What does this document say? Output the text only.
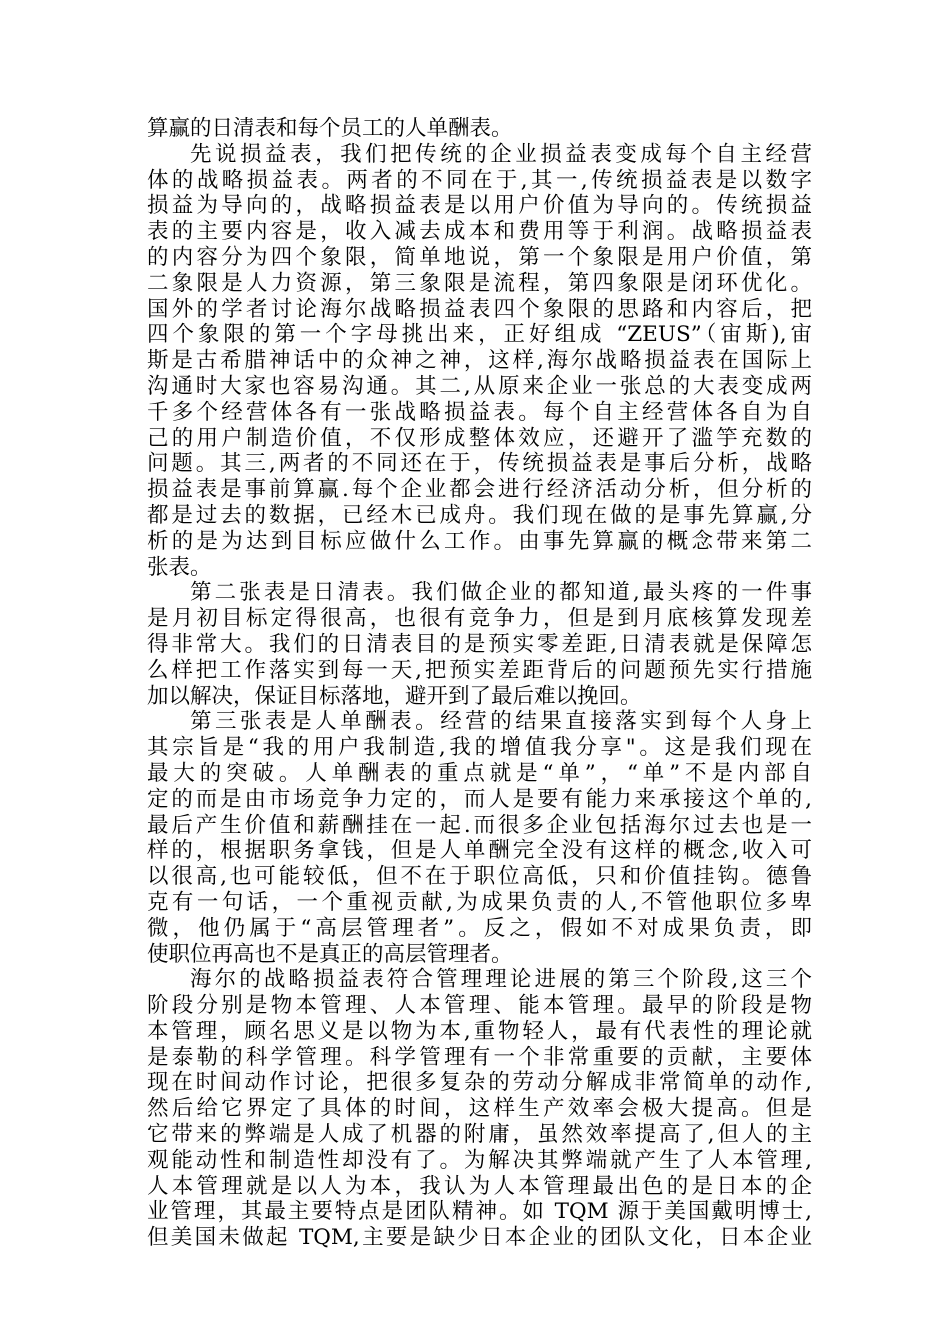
算赢的日清表和每个员工的人单酬表。
先说损益表，我们把传统的企业损益表变成每个自主经营
体的战略损益表。两者的不同在于,其一,传统损益表是以数字
损益为导向的，战略损益表是以用户价值为导向的。传统损益
表的主要内容是，收入减去成本和费用等于利润。战略损益表
的内容分为四个象限，简单地说，第一个象限是用户价值，第
二象限是人力资源，第三象限是流程，第四象限是闭环优化。
国外的学者讨论海尔战略损益表四个象限的思路和内容后，把
四个象限的第一个字母挑出来，正好组成 “ZEUS”（宙斯),宙
斯是古希腊神话中的众神之神，这样,海尔战略损益表在国际上
沟通时大家也容易沟通。其二,从原来企业一张总的大表变成两
千多个经营体各有一张战略损益表。每个自主经营体各自为自
己的用户制造价值，不仅形成整体效应，还避开了滥竽充数的
问题。其三,两者的不同还在于，传统损益表是事后分析，战略
损益表是事前算赢.每个企业都会进行经济活动分析，但分析的
都是过去的数据，已经木已成舟。我们现在做的是事先算赢,分
析的是为达到目标应做什么工作。由事先算赢的概念带来第二
张表。
第二张表是日清表。我们做企业的都知道,最头疼的一件事
是月初目标定得很高，也很有竞争力，但是到月底核算发现差
得非常大。我们的日清表目的是预实零差距,日清表就是保障怎
么样把工作落实到每一天,把预实差距背后的问题预先实行措施
加以解决，保证目标落地，避开到了最后难以挽回。
第三张表是人单酬表。经营的结果直接落实到每个人身上
其宗旨是“我的用户我制造,我的增值我分享"。这是我们现在
最大的突破。人单酬表的重点就是“单”，“单”不是内部自
定的而是由市场竞争力定的，而人是要有能力来承接这个单的,
最后产生价值和薪酬挂在一起.而很多企业包括海尔过去也是一
样的，根据职务拿钱，但是人单酬完全没有这样的概念,收入可
以很高,也可能较低，但不在于职位高低，只和价值挂钩。德鲁
克有一句话，一个重视贡献,为成果负责的人,不管他职位多卑
微，他仍属于“高层管理者”。反之，假如不对成果负责，即
使职位再高也不是真正的高层管理者。
海尔的战略损益表符合管理理论进展的第三个阶段,这三个
阶段分别是物本管理、人本管理、能本管理。最早的阶段是物
本管理，顾名思义是以物为本,重物轻人，最有代表性的理论就
是泰勒的科学管理。科学管理有一个非常重要的贡献，主要体
现在时间动作讨论，把很多复杂的劳动分解成非常简单的动作,
然后给它界定了具体的时间，这样生产效率会极大提高。但是
它带来的弊端是人成了机器的附庸，虽然效率提高了,但人的主
观能动性和制造性却没有了。为解决其弊端就产生了人本管理,
人本管理就是以人为本，我认为人本管理最出色的是日本的企
业管理，其最主要特点是团队精神。如 TQM 源于美国戴明博士,
但美国未做起 TQM,主要是缺少日本企业的团队文化，日本企业
